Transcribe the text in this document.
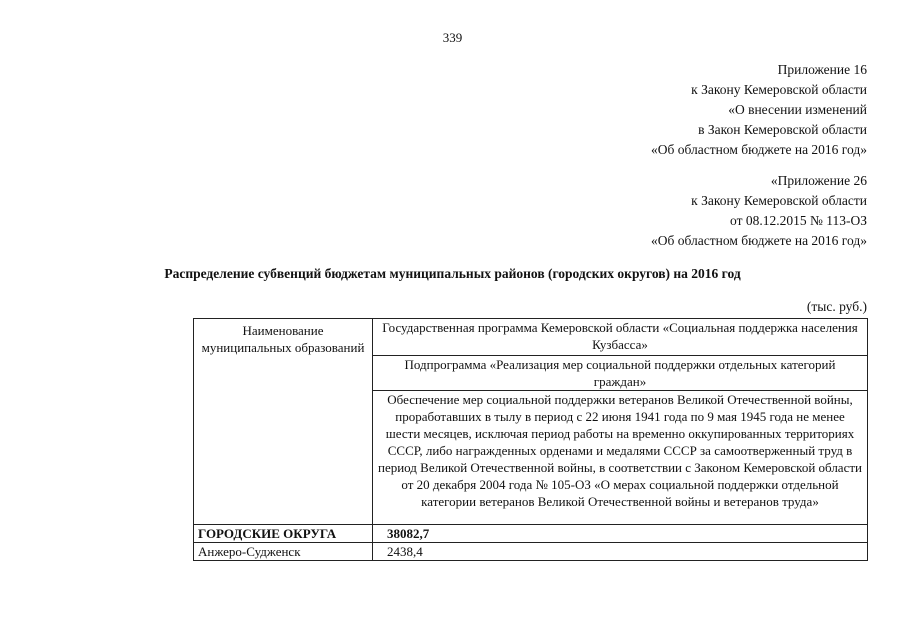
339
Приложение 16
к Закону Кемеровской области
«О внесении изменений
в Закон Кемеровской области
«Об областном бюджете на 2016 год»
«Приложение 26
к Закону Кемеровской области
от 08.12.2015 № 113-ОЗ
«Об областном бюджете на 2016 год»
Распределение субвенций бюджетам муниципальных районов (городских округов) на 2016 год
(тыс. руб.)
Наименование муниципальных образований	Государственная программа Кемеровской области «Социальная поддержка населения Кузбасса»
	Подпрограмма «Реализация мер социальной поддержки отдельных категорий граждан»
	Обеспечение мер социальной поддержки ветеранов Великой Отечественной войны, проработавших в тылу в период с 22 июня 1941 года по 9 мая 1945 года не менее шести месяцев, исключая период работы на временно оккупированных территориях СССР, либо награжденных орденами и медалями СССР за самоотверженный труд в период Великой Отечественной войны, в соответствии с Законом Кемеровской области от 20 декабря 2004 года № 105-ОЗ «О мерах социальной поддержки отдельной категории ветеранов Великой Отечественной войны и ветеранов труда»
ГОРОДСКИЕ ОКРУГА	38082,7
Анжеро-Судженск	2438,4
